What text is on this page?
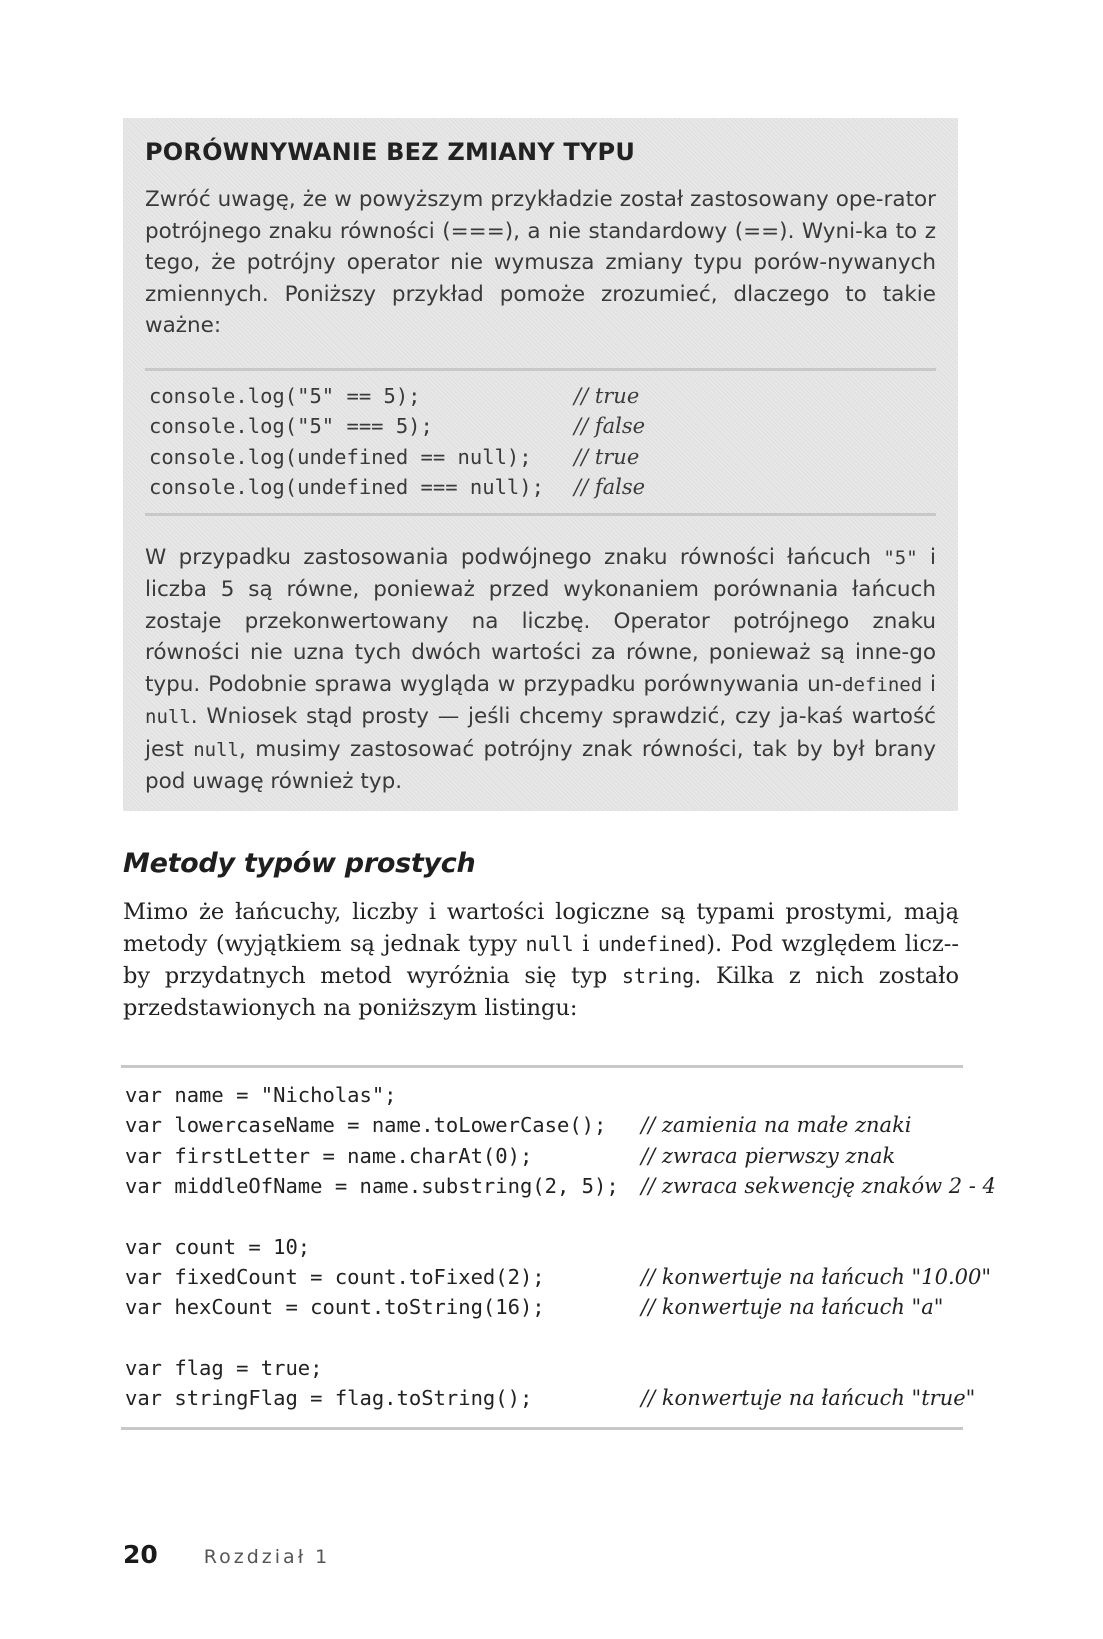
PORÓWNYWANIE BEZ ZMIANY TYPU

Zwróć uwagę, że w powyższym przykładzie został zastosowany ope-rator potrójnego znaku równości (===), a nie standardowy (==). Wyni-ka to z tego, że potrójny operator nie wymusza zmiany typu porów-nywanych zmiennych. Poniższy przykład pomoże zrozumieć, dlaczego to takie ważne:

console.log("5" == 5);	// true
console.log("5" === 5);	// false
console.log(undefined == null);	// true
console.log(undefined === null);	// false

W przypadku zastosowania podwójnego znaku równości łańcuch "5" i liczba 5 są równe, ponieważ przed wykonaniem porównania łańcuch zostaje przekonwertowany na liczbę. Operator potrójnego znaku równości nie uzna tych dwóch wartości za równe, ponieważ są inne-go typu. Podobnie sprawa wygląda w przypadku porównywania un-defined i null. Wniosek stąd prosty — jeśli chcemy sprawdzić, czy ja-kaś wartość jest null, musimy zastosować potrójny znak równości, tak by był brany pod uwagę również typ.

Metody typów prostych

Mimo że łańcuchy, liczby i wartości logiczne są typami prostymi, mają metody (wyjątkiem są jednak typy null i undefined). Pod względem licz-by przydatnych metod wyróżnia się typ string. Kilka z nich zostało przedstawionych na poniższym listingu:

var name = "Nicholas";
var lowercaseName = name.toLowerCase();	// zamienia na małe znaki
var firstLetter = name.charAt(0);	// zwraca pierwszy znak
var middleOfName = name.substring(2, 5);	// zwraca sekwencję znaków 2 - 4
var count = 10;
var fixedCount = count.toFixed(2);	// konwertuje na łańcuch "10.00"
var hexCount = count.toString(16);	// konwertuje na łańcuch "a"
var flag = true;
var stringFlag = flag.toString();	// konwertuje na łańcuch "true"
20 Rozdział 1
